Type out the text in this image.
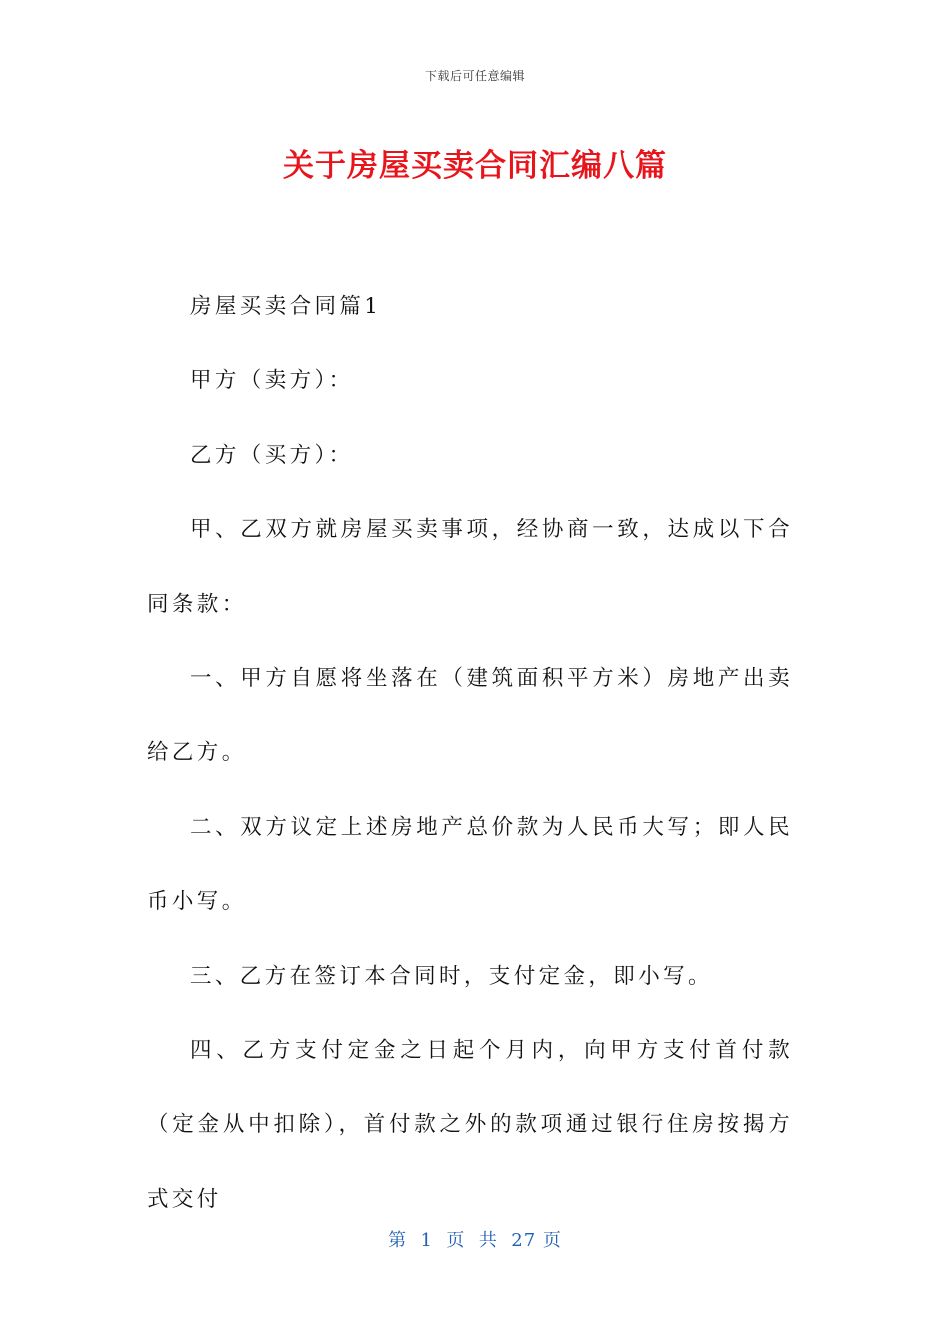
下载后可任意编辑
关于房屋买卖合同汇编八篇

房屋买卖合同篇1

甲方（卖方）：

乙方（买方）：

甲、乙双方就房屋买卖事项，经协商一致，达成以下合同条款：

一、甲方自愿将坐落在（建筑面积平方米）房地产出卖给乙方。

二、双方议定上述房地产总价款为人民币大写；即人民币小写。

三、乙方在签订本合同时，支付定金，即小写。

四、乙方支付定金之日起个月内，向甲方支付首付款（定金从中扣除），首付款之外的款项通过银行住房按揭方式交付

第  1  页  共  27 页
